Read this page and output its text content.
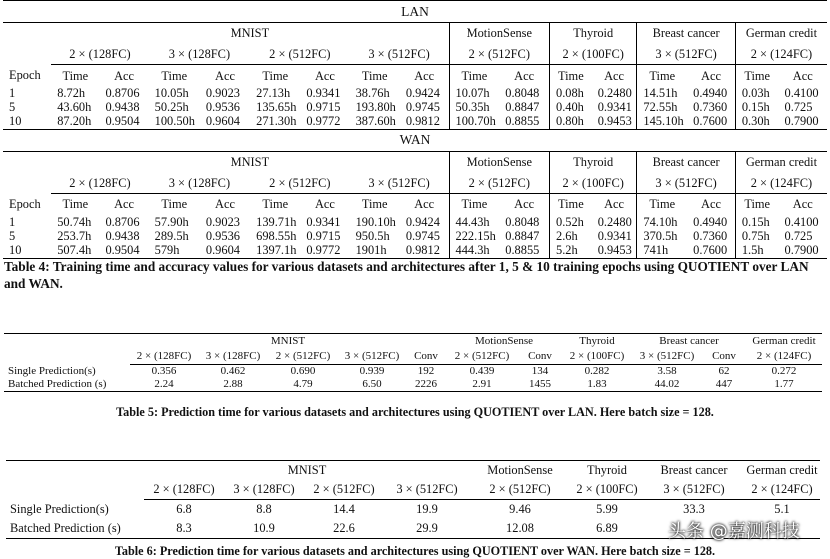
LAN																
	MNIST								MotionSense		Thyroid		Breast cancer		German credit	
	2 × (128FC)		3 × (128FC)		2 × (512FC)		3 × (512FC)		2 × (512FC)		2 × (100FC)		3 × (512FC)		2 × (124FC)	
Epoch	Time	Acc	Time	Acc	Time	Acc	Time	Acc	Time	Acc	Time	Acc	Time	Acc	Time	Acc
1	8.72h	0.8706	10.05h	0.9023	27.13h	0.9341	38.76h	0.9424	10.07h	0.8048	0.08h	0.2480	14.51h	0.4940	0.03h	0.4100
5	43.60h	0.9438	50.25h	0.9536	135.65h	0.9715	193.80h	0.9745	50.35h	0.8847	0.40h	0.9341	72.55h	0.7360	0.15h	0.725
10	87.20h	0.9504	100.50h	0.9604	271.30h	0.9772	387.60h	0.9812	100.70h	0.8855	0.80h	0.9453	145.10h	0.7600	0.30h	0.7900
WAN																
	MNIST								MotionSense		Thyroid		Breast cancer		German credit	
	2 × (128FC)		3 × (128FC)		2 × (512FC)		3 × (512FC)		2 × (512FC)		2 × (100FC)		3 × (512FC)		2 × (124FC)	
Epoch	Time	Acc	Time	Acc	Time	Acc	Time	Acc	Time	Acc	Time	Acc	Time	Acc	Time	Acc
1	50.74h	0.8706	57.90h	0.9023	139.71h	0.9341	190.10h	0.9424	44.43h	0.8048	0.52h	0.2480	74.10h	0.4940	0.15h	0.4100
5	253.7h	0.9438	289.5h	0.9536	698.55h	0.9715	950.5h	0.9745	222.15h	0.8847	2.6h	0.9341	370.5h	0.7360	0.75h	0.725
10	507.4h	0.9504	579h	0.9604	1397.1h	0.9772	1901h	0.9812	444.3h	0.8855	5.2h	0.9453	741h	0.7600	1.5h	0.7900
Table 4: Training time and accuracy values for various datasets and architectures after 1, 5 & 10 training epochs using QUOTIENT over LAN and WAN.
	MNIST					MotionSense		Thyroid	Breast cancer		German credit
	2 × (128FC)	3 × (128FC)	2 × (512FC)	3 × (512FC)	Conv	2 × (512FC)	Conv	2 × (100FC)	3 × (512FC)	Conv	2 × (124FC)
Single Prediction(s)	0.356	0.462	0.690	0.939	192	0.439	134	0.282	3.58	62	0.272
Batched Prediction (s)	2.24	2.88	4.79	6.50	2226	2.91	1455	1.83	44.02	447	1.77
Table 5: Prediction time for various datasets and architectures using QUOTIENT over LAN. Here batch size = 128.
	MNIST				MotionSense	Thyroid	Breast cancer	German credit
	2 × (128FC)	3 × (128FC)	2 × (512FC)	3 × (512FC)	2 × (512FC)	2 × (100FC)	3 × (512FC)	2 × (124FC)
Single Prediction(s)	6.8	8.8	14.4	19.9	9.46	5.99	33.3	5.1
Batched Prediction (s)	8.3	10.9	22.6	29.9	12.08	6.89		
Table 6: Prediction time for various datasets and architectures using QUOTIENT over WAN. Here batch size = 128.
头条 @嘉测科技
